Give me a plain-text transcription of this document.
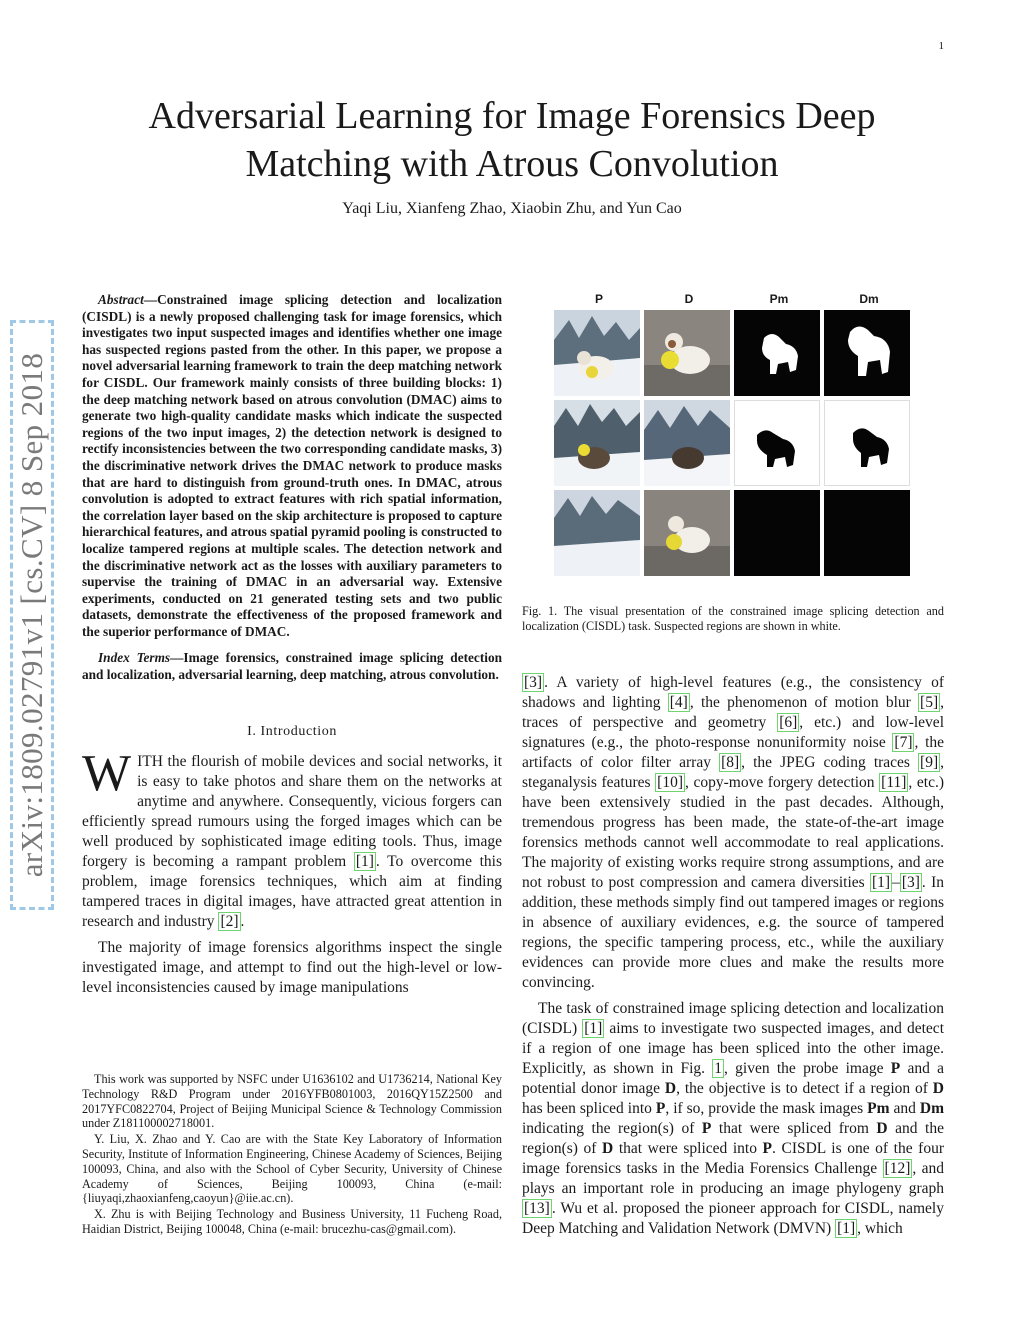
1
arXiv:1809.02791v1 [cs.CV] 8 Sep 2018
Adversarial Learning for Image Forensics Deep Matching with Atrous Convolution
Yaqi Liu, Xianfeng Zhao, Xiaobin Zhu, and Yun Cao

Abstract—Constrained image splicing detection and localization (CISDL) is a newly proposed challenging task for image forensics, which investigates two input suspected images and identifies whether one image has suspected regions pasted from the other. In this paper, we propose a novel adversarial learning framework to train the deep matching network for CISDL. Our framework mainly consists of three building blocks: 1) the deep matching network based on atrous convolution (DMAC) aims to generate two high-quality candidate masks which indicate the suspected regions of the two input images, 2) the detection network is designed to rectify inconsistencies between the two corresponding candidate masks, 3) the discriminative network drives the DMAC network to produce masks that are hard to distinguish from ground-truth ones. In DMAC, atrous convolution is adopted to extract features with rich spatial information, the correlation layer based on the skip architecture is proposed to capture hierarchical features, and atrous spatial pyramid pooling is constructed to localize tampered regions at multiple scales. The detection network and the discriminative network act as the losses with auxiliary parameters to supervise the training of DMAC in an adversarial way. Extensive experiments, conducted on 21 generated testing sets and two public datasets, demonstrate the effectiveness of the proposed framework and the superior performance of DMAC.

Index Terms—Image forensics, constrained image splicing detection and localization, adversarial learning, deep matching, atrous convolution.

I. Introduction

WITH the flourish of mobile devices and social networks, it is easy to take photos and share them on the networks at anytime and anywhere. Consequently, vicious forgers can efficiently spread rumours using the forged images which can be well produced by sophisticated image editing tools. Thus, image forgery is becoming a rampant problem [1] . To overcome this problem, image forensics techniques, which aim at finding tampered traces in digital images, have attracted great attention in research and industry [2] .

The majority of image forensics algorithms inspect the single investigated image, and attempt to find out the high-level or low-level inconsistencies caused by image manipulations

This work was supported by NSFC under U1636102 and U1736214, National Key Technology R&D Program under 2016YFB0801003, 2016QY15Z2500 and 2017YFC0822704, Project of Beijing Municipal Science & Technology Commission under Z181100002718001.

Y. Liu, X. Zhao and Y. Cao are with the State Key Laboratory of Information Security, Institute of Information Engineering, Chinese Academy of Sciences, Beijing 100093, China, and also with the School of Cyber Security, University of Chinese Academy of Sciences, Beijing 100093, China (e-mail: {liuyaqi,zhaoxianfeng,caoyun}@iie.ac.cn).

X. Zhu is with Beijing Technology and Business University, 11 Fucheng Road, Haidian District, Beijing 100048, China (e-mail: brucezhu-cas@gmail.com).

P	D	Pm	Dm

Fig. 1. The visual presentation of the constrained image splicing detection and localization (CISDL) task. Suspected regions are shown in white.

[3] . A variety of high-level features (e.g., the consistency of shadows and lighting [4] , the phenomenon of motion blur [5] , traces of perspective and geometry [6] , etc.) and low-level signatures (e.g., the photo-response nonuniformity noise [7] , the artifacts of color filter array [8] , the JPEG coding traces [9] , steganalysis features [10] , copy-move forgery detection [11] , etc.) have been extensively studied in the past decades. Although, tremendous progress has been made, the state-of-the-art image forensics methods cannot well accommodate to real applications. The majority of existing works require strong assumptions, and are not robust to post compression and camera diversities [1] – [3] . In addition, these methods simply find out tampered images or regions in absence of auxiliary evidences, e.g. the source of tampered regions, the specific tampering process, etc., while the auxiliary evidences can provide more clues and make the results more convincing.

The task of constrained image splicing detection and localization (CISDL) [1] aims to investigate two suspected images, and detect if a region of one image has been spliced into the other image. Explicitly, as shown in Fig. 1 , given the probe image P and a potential donor image D, the objective is to detect if a region of D has been spliced into P, if so, provide the mask images Pm and Dm indicating the region(s) of P that were spliced from D and the region(s) of D that were spliced into P. CISDL is one of the four image forensics tasks in the Media Forensics Challenge [12] , and plays an important role in producing an image phylogeny graph [13] . Wu et al. proposed the pioneer approach for CISDL, namely Deep Matching and Validation Network (DMVN) [1] , which
